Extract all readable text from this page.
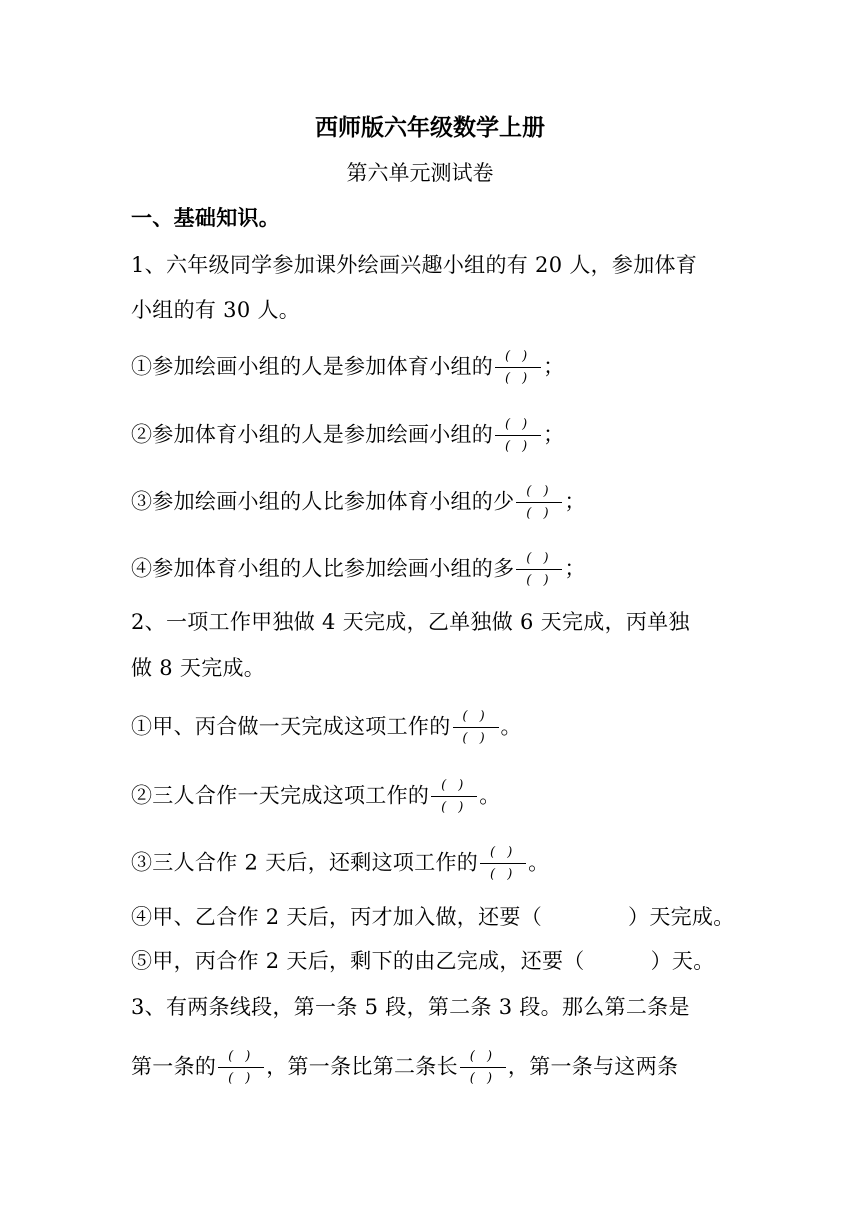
西师版六年级数学上册
第六单元测试卷
一、基础知识。
1、六年级同学参加课外绘画兴趣小组的有 20 人，参加体育
小组的有 30 人。
①参加绘画小组的人是参加体育小组的 $\frac{( )}{( )}$ ；
②参加体育小组的人是参加绘画小组的 $\frac{( )}{( )}$ ；
③参加绘画小组的人比参加体育小组的少 $\frac{( )}{( )}$ ；
④参加体育小组的人比参加绘画小组的多 $\frac{( )}{( )}$ ；
2、一项工作甲独做 4 天完成，乙单独做 6 天完成，丙单独
做 8 天完成。
①甲、丙合做一天完成这项工作的 $\frac{( )}{( )}$ 。
②三人合作一天完成这项工作的 $\frac{( )}{( )}$ 。
③三人合作 2 天后，还剩这项工作的 $\frac{( )}{( )}$ 。
④甲、乙合作 2 天后，丙才加入做，还要（	）天完成。
⑤甲，丙合作 2 天后，剩下的由乙完成，还要（	）天。
3、有两条线段，第一条 5 段，第二条 3 段。那么第二条是
第一条的 $\frac{( )}{( )}$ ，第一条比第二条长 $\frac{( )}{( )}$ ，第一条与这两条
